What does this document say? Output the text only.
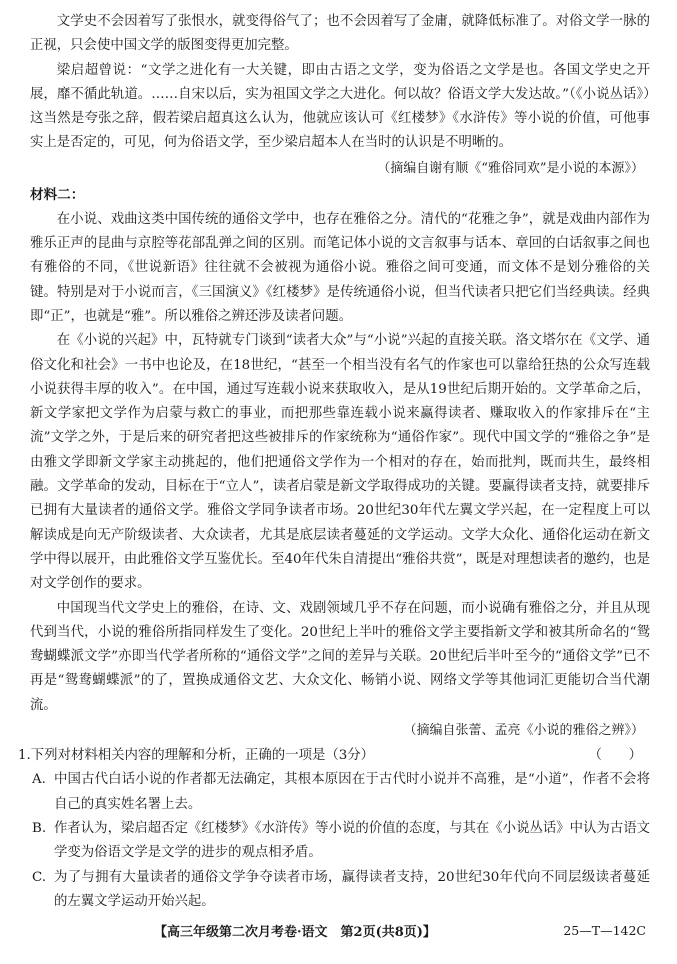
文学史不会因着写了张恨水，就变得俗气了；也不会因着写了金庸，就降低标准了。对俗文学一脉的正视，只会使中国文学的版图变得更加完整。

梁启超曾说：“文学之进化有一大关键，即由古语之文学，变为俗语之文学是也。各国文学史之开展，靡不循此轨道。……自宋以后，实为祖国文学之大进化。何以故？俗语文学大发达故。”（《小说丛话》）这当然是夸张之辞，假若梁启超真这么认为，他就应该认可《红楼梦》《水浒传》等小说的价值，可他事实上是否定的，可见，何为俗语文学，至少梁启超本人在当时的认识是不明晰的。

（摘编自谢有顺《“雅俗同欢”是小说的本源》）

材料二：

在小说、戏曲这类中国传统的通俗文学中，也存在雅俗之分。清代的“花雅之争”，就是戏曲内部作为雅乐正声的昆曲与京腔等花部乱弹之间的区别。而笔记体小说的文言叙事与话本、章回的白话叙事之间也有雅俗的不同，《世说新语》往往就不会被视为通俗小说。雅俗之间可变通，而文体不是划分雅俗的关键。特别是对于小说而言，《三国演义》《红楼梦》是传统通俗小说，但当代读者只把它们当经典读。经典即“正”，也就是“雅”。所以雅俗之辨还涉及读者问题。

在《小说的兴起》中，瓦特就专门谈到“读者大众”与“小说”兴起的直接关联。洛文塔尔在《文学、通俗文化和社会》一书中也论及，在18世纪，“甚至一个相当没有名气的作家也可以靠给狂热的公众写连载小说获得丰厚的收入”。在中国，通过写连载小说来获取收入，是从19世纪后期开始的。文学革命之后，新文学家把文学作为启蒙与救亡的事业，而把那些靠连载小说来赢得读者、赚取收入的作家排斥在“主流”文学之外，于是后来的研究者把这些被排斥的作家统称为“通俗作家”。现代中国文学的“雅俗之争”是由雅文学即新文学家主动挑起的，他们把通俗文学作为一个相对的存在，始而批判，既而共生，最终相融。文学革命的发动，目标在于“立人”，读者启蒙是新文学取得成功的关键。要赢得读者支持，就要排斥已拥有大量读者的通俗文学。雅俗文学同争读者市场。20世纪30年代左翼文学兴起，在一定程度上可以解读成是向无产阶级读者、大众读者，尤其是底层读者蔓延的文学运动。文学大众化、通俗化运动在新文学中得以展开，由此雅俗文学互鉴优长。至40年代朱自清提出“雅俗共赏”，既是对理想读者的邀约，也是对文学创作的要求。

中国现当代文学史上的雅俗，在诗、文、戏剧领域几乎不存在问题，而小说确有雅俗之分，并且从现代到当代，小说的雅俗所指同样发生了变化。20世纪上半叶的雅俗文学主要指新文学和被其所命名的“鸳鸯蝴蝶派文学”亦即当代学者所称的“通俗文学”之间的差异与关联。20世纪后半叶至今的“通俗文学”已不再是“鸳鸯蝴蝶派”的了，置换成通俗文艺、大众文化、畅销小说、网络文学等其他词汇更能切合当代潮流。

（摘编自张蕾、孟亮《小说的雅俗之辨》）

1.下列对材料相关内容的理解和分析，正确的一项是（3分）	（　　）
A. 中国古代白话小说的作者都无法确定，其根本原因在于古代时小说并不高雅，是“小道”，作者不会将自己的真实姓名署上去。
B. 作者认为，梁启超否定《红楼梦》《水浒传》等小说的价值的态度，与其在《小说丛话》中认为古语文学变为俗语文学是文学的进步的观点相矛盾。
C. 为了与拥有大量读者的通俗文学争夺读者市场，赢得读者支持，20世纪30年代向不同层级读者蔓延的左翼文学运动开始兴起。
【高三年级第二次月考卷·语文　第2页(共8页)】	25—T—142C
